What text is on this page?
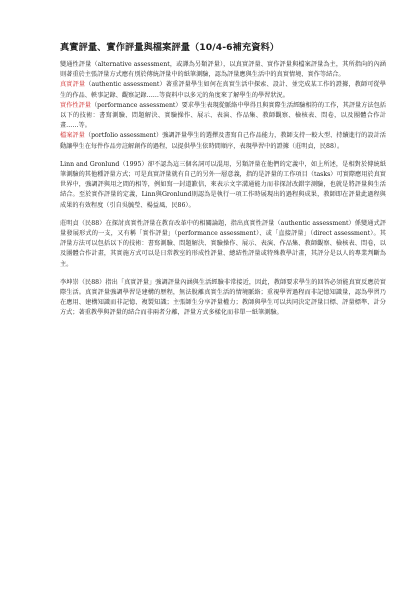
真實評量、實作評量與檔案評量（10/4-6補充資料）

變通性評量（alternative assessment，或譯為另類評量），以真實評量、實作評量與檔案評量為主，其所指向的內涵則著重於主張評量方式應有別於傳統評量中的紙筆測驗，認為評量應與生活中的真實情境、實作等結合。
真實評量（authentic assessment）著重評量學生如何在真實生活中探索、設計、並完成某工作的證據，教師可從學生的作品、軼事記錄、觀察記錄……等資料中以多元的角度來了解學生的學習狀況。
實作性評量（performance assessment）要求學生表現從脈絡中學得且與實際生活經驗相符的工作，其評量方法包括以下的技術：書寫測驗、問題解決、實驗操作、展示、表演、作品集、教師觀察、檢核表、問卷，以及團體合作計畫……等。
檔案評量（portfolio assessment）強調評量學生的選擇及書寫自己作品能力，教師支持一較大型、持續進行的設計活動讓學生在每件作品旁註解創作的過程，以提供學生依時間順序，表現學習中的證據（莊明貞，民88）。

Linn and Gronlund（1995）卻不認為這三個名詞可以混用，另類評量在他們的定義中，如上所述，是相對於傳統紙筆測驗的其他種評量方式；可是真實評量就有自己的另外一層意義，指的是評量的工作項目（tasks）可實際應用於真實世界中，強調評與用之間的相等，例如寫一封道歉信，來表示文字溝通能力而非探討改錯字測驗，也就是將評量與生活結合。至於實作評量的定義，Linn與Gronlund則認為是執行一項工作時展現出的過程與成果，教師即在評量此過程與成果的有效程度（引自吳毓瑩、楊益風，民86）。

莊明貞（民88）在探討真實性評量在教育改革中的相關論題，指出真實性評量（authentic assessment）係變通式評量發展形式的一支，又有稱「實作評量」（performance assessment）、或「直接評量」（direct assessment）。其評量方法可以包括以下的技術：書寫測驗、問題解決、實驗操作、展示、表演、作品集、教師觀察、檢核表、問卷，以及團體合作計畫，其實施方式可以是日常教室的形成性評量、總結性評量或特殊教學計畫，其評分是以人的專業判斷為主。

李坤崇（民88）指出「真實評量」強調評量內涵與生活經驗非常接近，因此，教師要求學生的回答必須能真實反應於實際生活。真實評量強調學習是建構的歷程，無法脫離真實生活的情境脈絡；重視學習過程而非記憶知識量，認為學習乃在應用、建構知識而非記憶、複製知識；主張師生分享評量權力；教師與學生可以共同決定評量目標、評量標準、計分方式；著重教學與評量的結合而非兩者分離，評量方式多樣化而非單一紙筆測驗。
